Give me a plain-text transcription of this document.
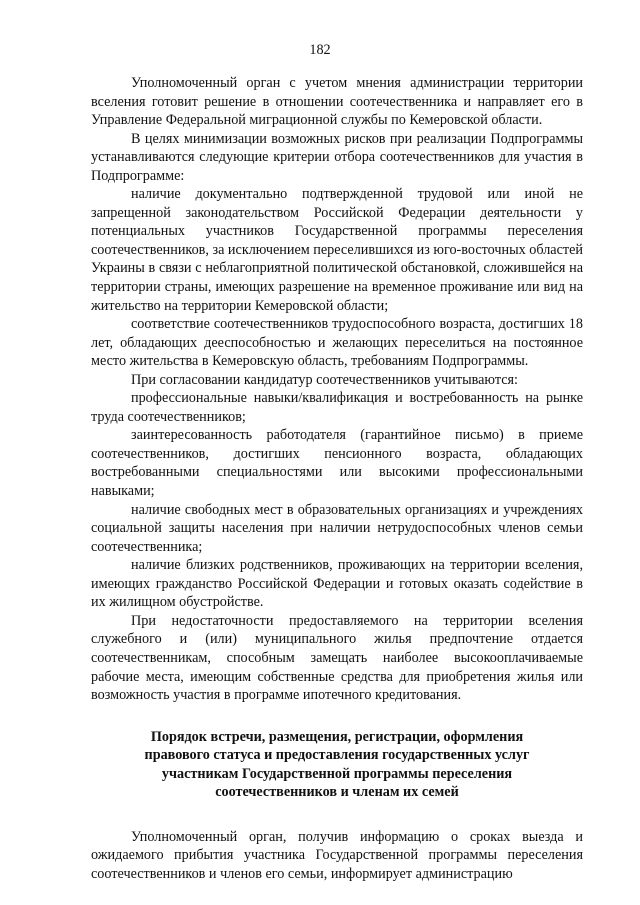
182

Уполномоченный орган с учетом мнения администрации территории вселения готовит решение в отношении соотечественника и направляет его в Управление Федеральной миграционной службы по Кемеровской области.

В целях минимизации возможных рисков при реализации Подпрограммы устанавливаются следующие критерии отбора соотечественников для участия в Подпрограмме:

наличие документально подтвержденной трудовой или иной не запрещенной законодательством Российской Федерации деятельности у потенциальных участников Государственной программы переселения соотечественников, за исключением переселившихся из юго-восточных областей Украины в связи с неблагоприятной политической обстановкой, сложившейся на территории страны, имеющих разрешение на временное проживание или вид на жительство на территории Кемеровской области;

соответствие соотечественников трудоспособного возраста, достигших 18 лет, обладающих дееспособностью и желающих переселиться на постоянное место жительства в Кемеровскую область, требованиям Подпрограммы.

При согласовании кандидатур соотечественников учитываются:

профессиональные навыки/квалификация и востребованность на рынке труда соотечественников;

заинтересованность работодателя (гарантийное письмо) в приеме соотечественников, достигших пенсионного возраста, обладающих востребованными специальностями или высокими профессиональными навыками;

наличие свободных мест в образовательных организациях и учреждениях социальной защиты населения при наличии нетрудоспособных членов семьи соотечественника;

наличие близких родственников, проживающих на территории вселения, имеющих гражданство Российской Федерации и готовых оказать содействие в их жилищном обустройстве.

При недостаточности предоставляемого на территории вселения служебного и (или) муниципального жилья предпочтение отдается соотечественникам, способным замещать наиболее высокооплачиваемые рабочие места, имеющим собственные средства для приобретения жилья или возможность участия в программе ипотечного кредитования.

Порядок встречи, размещения, регистрации, оформления
правового статуса и предоставления государственных услуг
участникам Государственной программы переселения
соотечественников и членам их семей

Уполномоченный орган, получив информацию о сроках выезда и ожидаемого прибытия участника Государственной программы переселения соотечественников и членов его семьи, информирует администрацию
